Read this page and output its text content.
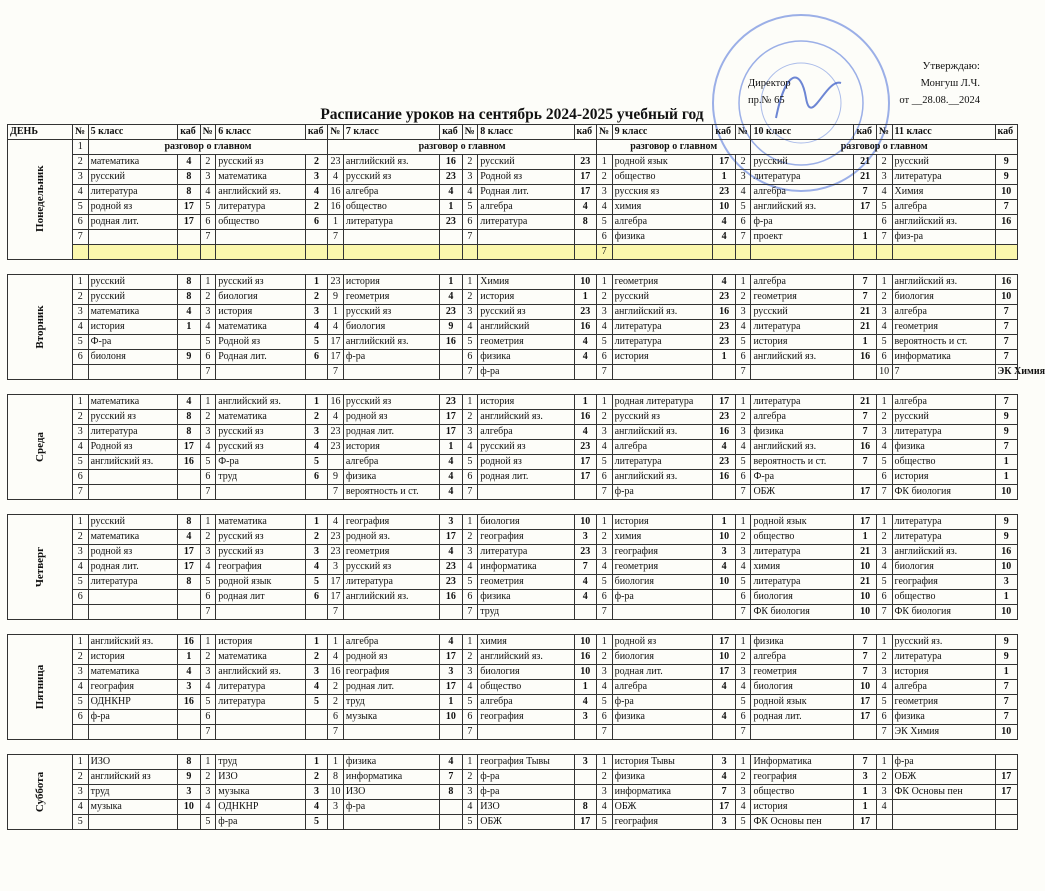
Утверждаю:
Директор	Монгуш Л.Ч.
пр.№ 65	от __28.08.__2024
Расписание уроков на сентябрь 2024-2025 учебный год
ДЕНЬ	№	5 класс	каб	№	6 класс	каб	№	7 класс	каб	№	8 класс	каб	№	9 класс	каб	№	10 класс	каб	№	11 класс	каб

Понедельник	1	разговор о главном					разговор о главном						разговор о главном				разговор о главном				
	2	математика	4	2	русский яз	2	23	английский яз.	16	2	русский	23	1	родной язык	17	2	русский	21	2	русский	9
	3	русский	8	3	математика	3	4	русский яз	23	3	Родной яз	17	2	общество	1	3	литература	21	3	литература	9
	4	литература	8	4	английский яз.	4	16	алгебра	4	4	Родная лит.	17	3	русския яз	23	4	алгебра	7	4	Химия	10
	5	родной яз	17	5	литература	2	16	общество	1	5	алгебра	4	4	химия	10	5	английский яз.	17	5	алгебра	7
	6	родная лит.	17	6	общество	6	1	литература	23	6	литература	8	5	алгебра	4	6	ф-ра		6	английский яз.	16
	7			7			7			7			6	физика	4	7	проект	1	7	физ-ра	
													7								

Вторник	1	русский	8	1	русский яз	1	23	история	1	1	Химия	10	1	геометрия	4	1	алгебра	7	1	английский яз.	16
	2	русский	8	2	биология	2	9	геометрия	4	2	история	1	2	русский	23	2	геометрия	7	2	биология	10
	3	математика	4	3	история	3	1	русский яз	23	3	русский яз	23	3	английский яз.	16	3	русский	21	3	алгебра	7
	4	история	1	4	математика	4	4	биология	9	4	английский	16	4	литература	23	4	литература	21	4	геометрия	7
	5	Ф-ра		5	Родной яз	5	17	английский яз.	16	5	геометрия	4	5	литература	23	5	история	1	5	вероятность и ст.	7
	6	биолоня	9	6	Родная лит.	6	17	ф-ра		6	физика	4	6	история	1	6	английский яз.	16	6	информатика	7
				7			7			7	ф-ра		7			7			10	7	ЭК Химия

Среда	1	математика	4	1	английский яз.	1	16	русский яз	23	1	история	1	1	родная литература	17	1	литература	21	1	алгебра	7
	2	русский яз	8	2	математика	2	4	родной яз	17	2	английский яз.	16	2	русский яз	23	2	алгебра	7	2	русский	9
	3	литература	8	3	русский яз	3	23	родная лит.	17	3	алгебра	4	3	английский яз.	16	3	физика	7	3	литература	9
	4	Родной яз	17	4	русский яз	4	23	история	1	4	русский яз	23	4	алгебра	4	4	английский яз.	16	4	физика	7
	5	английский яз.	16	5	Ф-ра	5		алгебра	4	5	родной яз	17	5	литература	23	5	вероятность и ст.	7	5	общество	1
	6			6	труд	6	9	физика	4	6	родная лит.	17	6	английский яз.	16	6	Ф-ра		6	история	1
	7			7			7	вероятность и ст.	4	7			7	ф-ра		7	ОБЖ	17	7	ФК биология	10

Четверг	1	русский	8	1	математика	1	4	география	3	1	биология	10	1	история	1	1	родной язык	17	1	литература	9
	2	математика	4	2	русский яз	2	23	родной яз.	17	2	география	3	2	химия	10	2	общество	1	2	литература	9
	3	родной яз	17	3	русский яз	3	23	геометрия	4	3	литература	23	3	география	3	3	литература	21	3	английский яз.	16
	4	родная лит.	17	4	география	4	3	русский яз	23	4	информатика	7	4	геометрия	4	4	химия	10	4	биология	10
	5	литература	8	5	родной язык	5	17	литература	23	5	геометрия	4	5	биология	10	5	литература	21	5	география	3
	6			6	родная лит	6	17	английский яз.	16	6	физика	4	6	ф-ра		6	биология	10	6	общество	1
				7			7			7	труд		7			7	ФК биология	10	7	ФК биология	10

Пятница	1	английский яз.	16	1	история	1	1	алгебра	4	1	химия	10	1	родной яз	17	1	физика	7	1	русский яз.	9
	2	история	1	2	математика	2	4	родной яз	17	2	английский яз.	16	2	биология	10	2	алгебра	7	2	литература	9
	3	математика	4	3	английский яз.	3	16	география	3	3	биология	10	3	родная лит.	17	3	геометрия	7	3	история	1
	4	география	3	4	литература	4	2	родная лит.	17	4	общество	1	4	алгебра	4	4	биология	10	4	алгебра	7
	5	ОДНКНР	16	5	литература	5	2	труд	1	5	алгебра	4	5	ф-ра		5	родной язык	17	5	геометрия	7
	6	ф-ра		6			6	музыка	10	6	география	3	6	физика	4	6	родная лит.	17	6	физика	7
				7			7			7			7			7			7	ЭК Химия	10

Суббота	1	ИЗО	8	1	труд	1	1	физика	4	1	география Тывы	3	1	история Тывы	3	1	Информатика	7	1	ф-ра	
	2	английский яз	9	2	ИЗО	2	8	информатика	7	2	ф-ра		2	физика	4	2	география	3	2	ОБЖ	17
	3	труд	3	3	музыка	3	10	ИЗО	8	3	ф-ра		3	информатика	7	3	общество	1	3	ФК Основы пен	17
	4	музыка	10	4	ОДНКНР	4	3	ф-ра		4	ИЗО	8	4	ОБЖ	17	4	история	1	4		
	5			5	ф-ра	5				5	ОБЖ	17	5	география	3	5	ФК Основы пен	17			
